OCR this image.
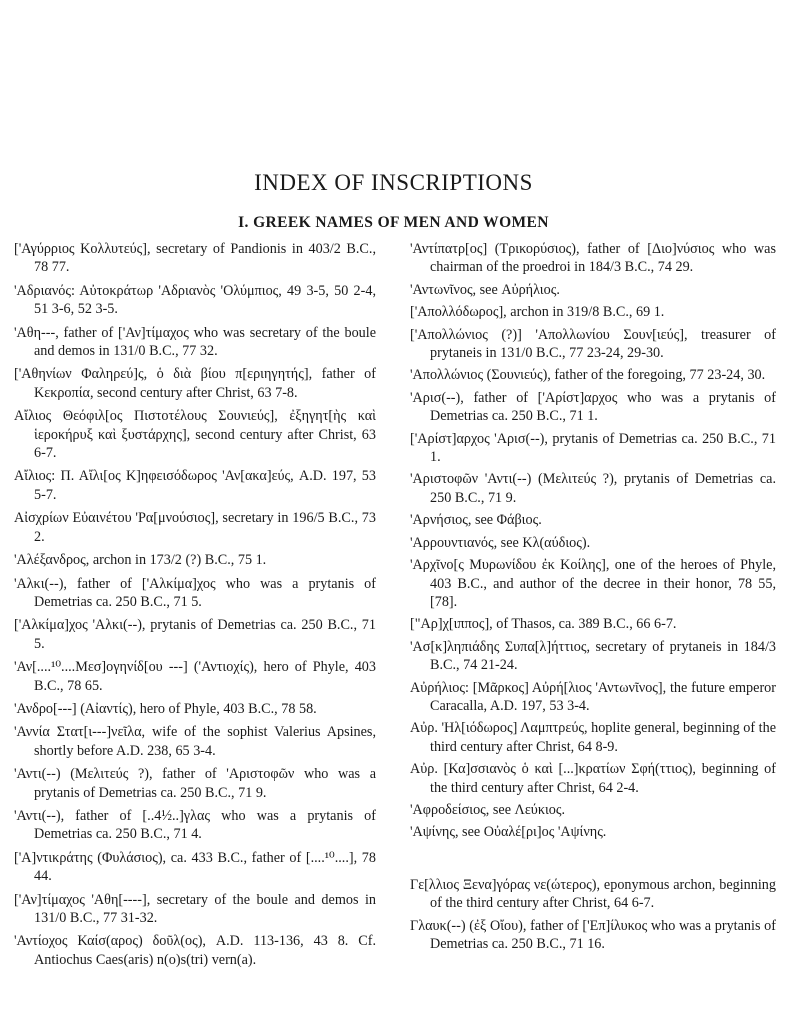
INDEX OF INSCRIPTIONS
I. GREEK NAMES OF MEN AND WOMEN

['Αγύρριος Κολλυτεύς], secretary of Pandionis in 403/2 B.C., 78 77.

'Αδριανός: Αὐτοκράτωρ 'Αδριανὸς 'Ολύμπιος, 49 3-5, 50 2-4, 51 3-6, 52 3-5.

'Αθη---, father of ['Αν]τίμαχος who was secretary of the boule and demos in 131/0 B.C., 77 32.

['Αθηνίων Φαληρεύ]ς, ὁ διὰ βίου π[εριηγητής], father of Κεκροπία, second century after Christ, 63 7-8.

Αἴλιος Θεόφιλ[ος Πιστοτέλους Σουνιεύς], ἐξηγητ[ὴς καὶ ἱεροκήρυξ καὶ ξυστάρχης], second century after Christ, 63 6-7.

Αἴλιος: Π. Αἴλι[ος Κ]ηφεισόδωρος 'Αν[ακα]εύς, A.D. 197, 53 5-7.

Αἰσχρίων Εὐαινέτου 'Ρα[μνούσιος], secretary in 196/5 B.C., 73 2.

'Αλέξανδρος, archon in 173/2 (?) B.C., 75 1.

'Αλκι(--), father of ['Αλκίμα]χος who was a prytanis of Demetrias ca. 250 B.C., 71 5.

['Αλκίμα]χος 'Αλκι(--), prytanis of Demetrias ca. 250 B.C., 71 5.

'Αν[....¹⁰....Μεσ]ογηνίδ[ου ---] ('Αντιοχίς), hero of Phyle, 403 B.C., 78 65.

'Ανδρο[---] (Αἰαντίς), hero of Phyle, 403 B.C., 78 58.

'Αννία Στατ[ι---]νεῖλα, wife of the sophist Valerius Apsines, shortly before A.D. 238, 65 3-4.

'Αντι(--) (Μελιτεύς ?), father of 'Αριστοφῶν who was a prytanis of Demetrias ca. 250 B.C., 71 9.

'Αντι(--), father of [..4½..]γλας who was a prytanis of Demetrias ca. 250 B.C., 71 4.

['Α]ντικράτης (Φυλάσιος), ca. 433 B.C., father of [....¹⁰....], 78 44.

['Αν]τίμαχος 'Αθη[----], secretary of the boule and demos in 131/0 B.C., 77 31-32.

'Αντίοχος Καίσ(αρος) δοῦλ(ος), A.D. 113-136, 43 8. Cf. Antiochus Caes(aris) n(o)s(tri) vern(a).

'Αντίπατρ[ος] (Τρικορύσιος), father of [Διο]νύσιος who was chairman of the proedroi in 184/3 B.C., 74 29.

'Αντωνῖνος, see Αὐρήλιος.

['Απολλόδωρος], archon in 319/8 B.C., 69 1.

['Απολλώνιος (?)] 'Απολλωνίου Σουν[ιεύς], treasurer of prytaneis in 131/0 B.C., 77 23-24, 29-30.

'Απολλώνιος (Σουνιεύς), father of the foregoing, 77 23-24, 30.

'Αρισ(--), father of ['Αρίστ]αρχος who was a prytanis of Demetrias ca. 250 B.C., 71 1.

['Αρίστ]αρχος 'Αρισ(--), prytanis of Demetrias ca. 250 B.C., 71 1.

'Αριστοφῶν 'Αντι(--) (Μελιτεύς ?), prytanis of Demetrias ca. 250 B.C., 71 9.

'Αρνήσιος, see Φάβιος.

'Αρρουντιανός, see Κλ(αύδιος).

'Αρχῖνο[ς Μυρωνίδου ἐκ Κοίλης], one of the heroes of Phyle, 403 B.C., and author of the decree in their honor, 78 55, [78].

["Αρ]χ[ιππος], of Thasos, ca. 389 B.C., 66 6-7.

'Ασ[κ]ληπιάδης Συπα[λ]ήττιος, secretary of prytaneis in 184/3 B.C., 74 21-24.

Αὐρήλιος: [Μᾶρκος] Αὐρή[λιος 'Αντωνῖνος], the future emperor Caracalla, A.D. 197, 53 3-4.

Αὐρ. 'Ηλ[ιόδωρος] Λαμπτρεύς, hoplite general, beginning of the third century after Christ, 64 8-9.

Αὐρ. [Κα]σσιανὸς ὁ καὶ [...]κρατίων Σφή(ττιος), beginning of the third century after Christ, 64 2-4.

'Αφροδείσιος, see Λεύκιος.

'Αψίνης, see Οὐαλέ[ρι]ος 'Αψίνης.

Γε[λλιος Ξενα]γόρας νε(ώτερος), eponymous archon, beginning of the third century after Christ, 64 6-7.

Γλαυκ(--) (ἐξ Οἴου), father of ['Επ]ίλυκος who was a prytanis of Demetrias ca. 250 B.C., 71 16.
